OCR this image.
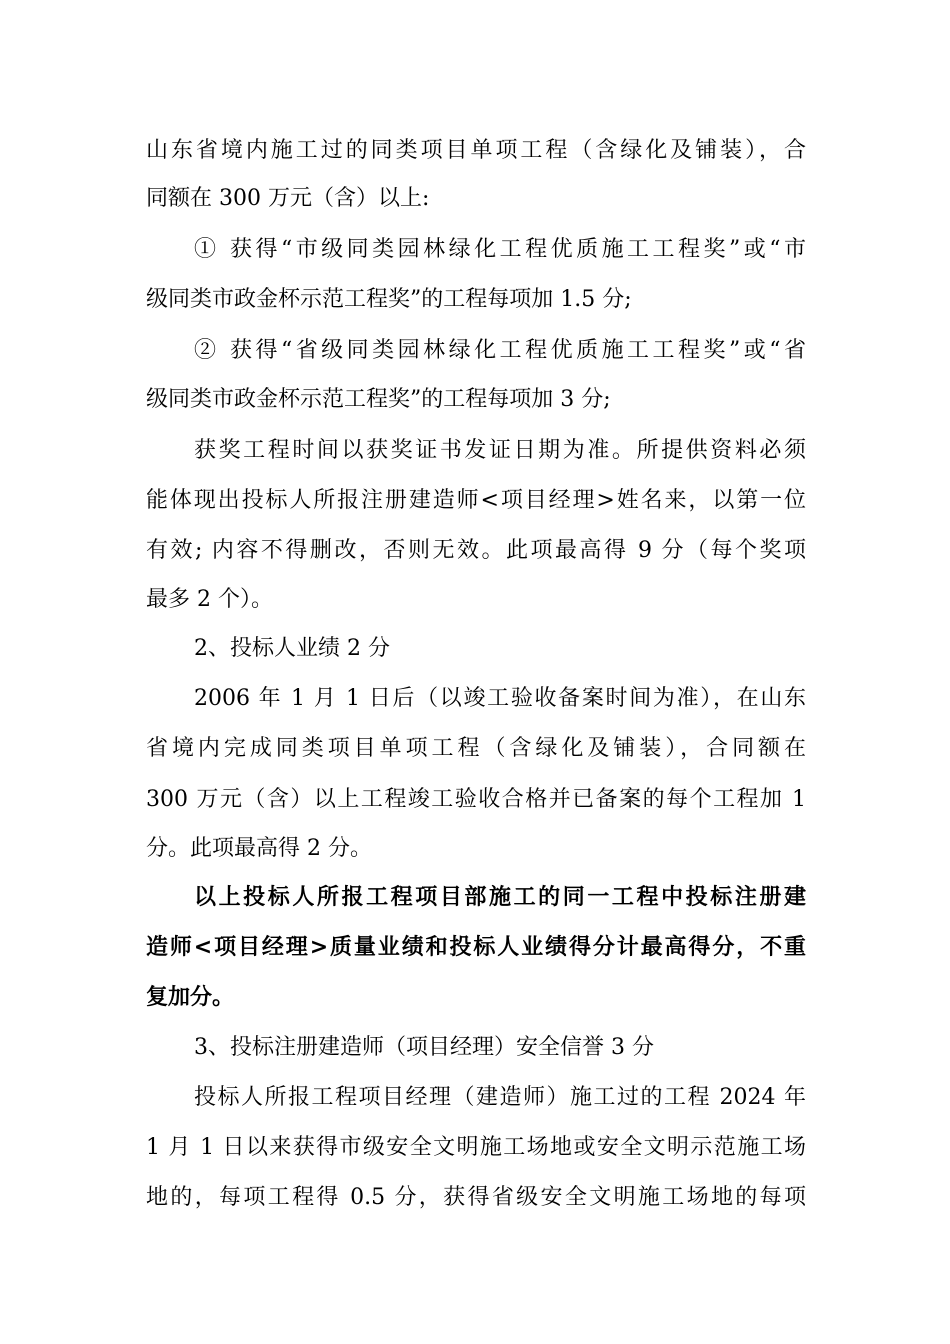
山东省境内施工过的同类项目单项工程（含绿化及铺装），合
同额在 300 万元（含）以上:
① 获得“市级同类园林绿化工程优质施工工程奖”或“市
级同类市政金杯示范工程奖”的工程每项加 1.5 分;
② 获得“省级同类园林绿化工程优质施工工程奖”或“省
级同类市政金杯示范工程奖”的工程每项加 3 分;
获奖工程时间以获奖证书发证日期为准。所提供资料必须
能体现出投标人所报注册建造师<项目经理>姓名来，以第一位
有效; 内容不得删改，否则无效。此项最高得 9 分（每个奖项
最多 2 个）。
2、投标人业绩 2 分
2006 年 1 月 1 日后（以竣工验收备案时间为准），在山东
省境内完成同类项目单项工程（含绿化及铺装），合同额在
300 万元（含）以上工程竣工验收合格并已备案的每个工程加 1
分。此项最高得 2 分。
以上投标人所报工程项目部施工的同一工程中投标注册建
造师<项目经理>质量业绩和投标人业绩得分计最高得分，不重
复加分。
3、投标注册建造师（项目经理）安全信誉 3 分
投标人所报工程项目经理（建造师）施工过的工程 2024 年
1 月 1 日以来获得市级安全文明施工场地或安全文明示范施工场
地的，每项工程得 0.5 分，获得省级安全文明施工场地的每项
